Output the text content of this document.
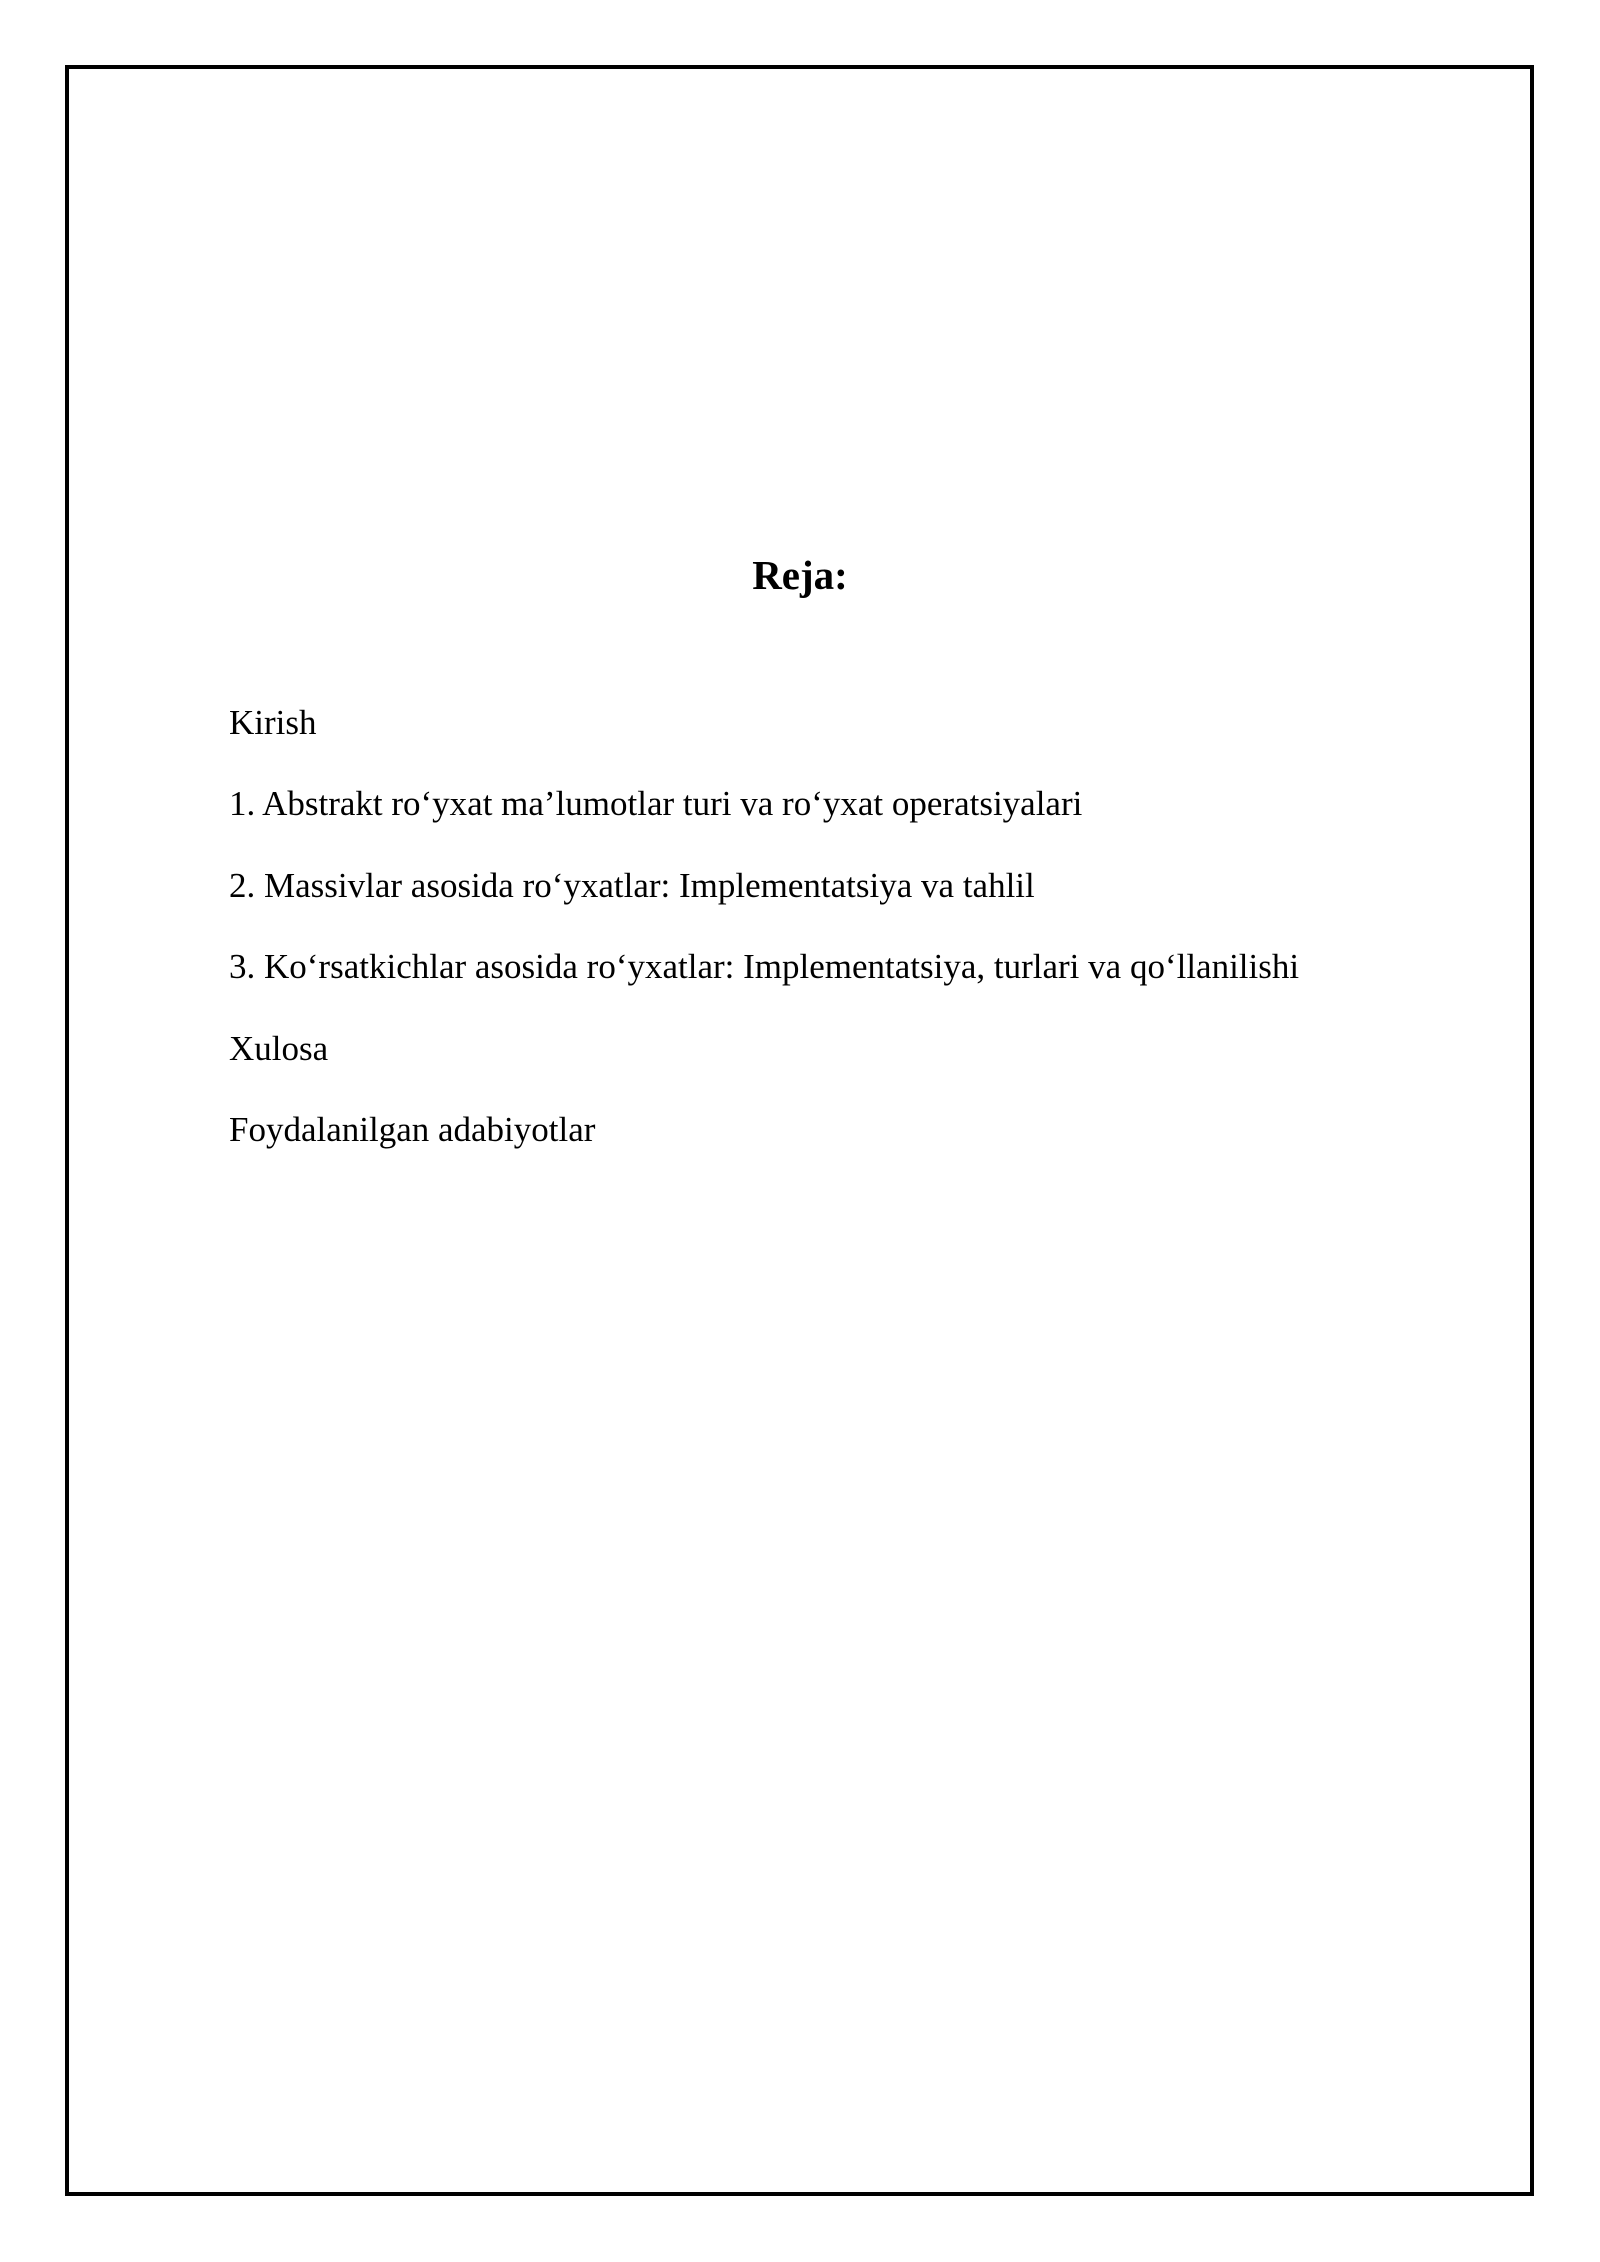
Reja:
Kirish
1. Abstrakt ro‘yxat ma’lumotlar turi va ro‘yxat operatsiyalari
2. Massivlar asosida ro‘yxatlar: Implementatsiya va tahlil
3. Ko‘rsatkichlar asosida ro‘yxatlar: Implementatsiya, turlari va qo‘llanilishi
Xulosa
Foydalanilgan adabiyotlar
